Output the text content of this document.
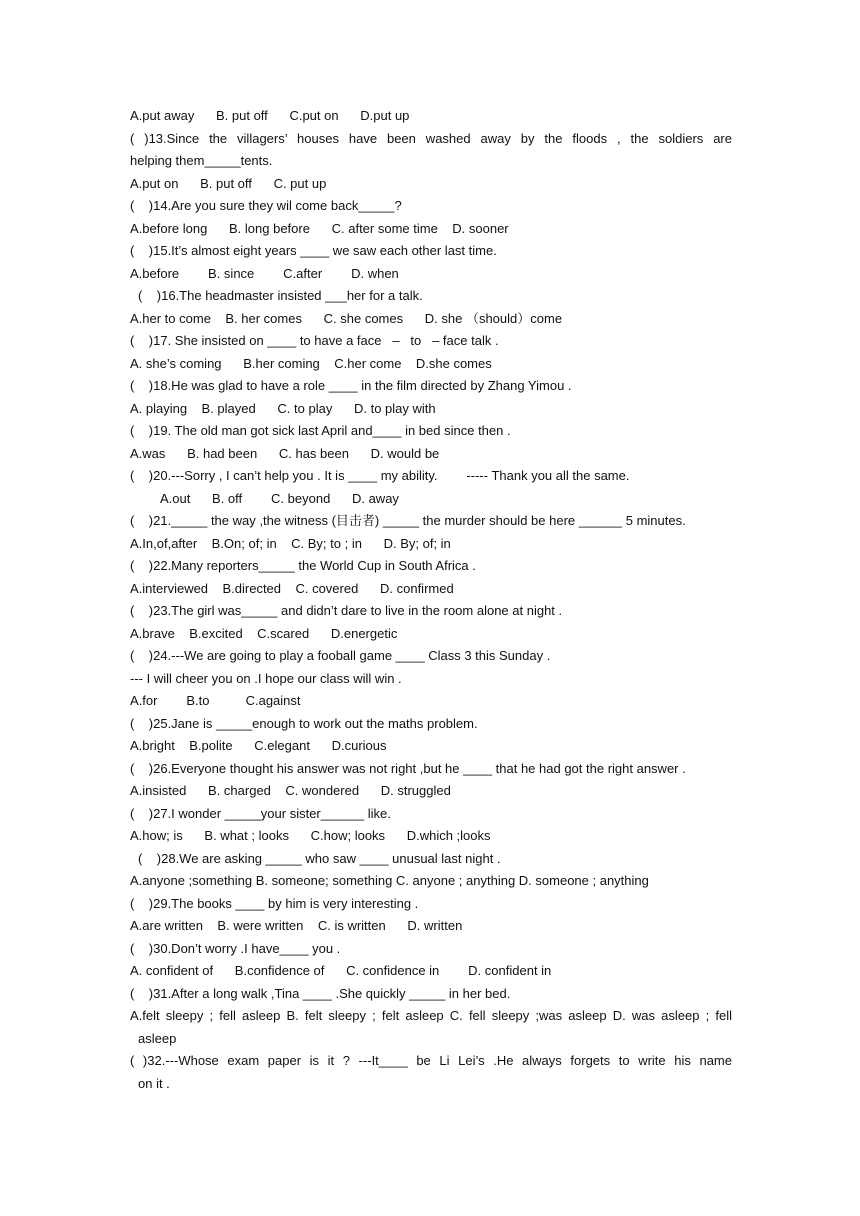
A.put away      B. put off      C.put on      D.put up
( )13.Since the villagers’ houses have been washed away by the floods , the soldiers are
helping them_____tents.
A.put on      B. put off      C. put up
(    )14.Are you sure they wil come back_____?
A.before long      B. long before      C. after some time    D. sooner
(    )15.It’s almost eight years ____ we saw each other last time.
A.before        B. since        C.after        D. when
(    )16.The headmaster insisted ___her for a talk.
A.her to come    B. her comes      C. she comes      D. she （should）come
(    )17. She insisted on ____ to have a face   –   to   – face talk .
A. she’s coming      B.her coming    C.her come    D.she comes
(    )18.He was glad to have a role ____ in the film directed by Zhang Yimou .
A. playing    B. played      C. to play      D. to play with
(    )19. The old man got sick last April and____ in bed since then .
A.was      B. had been      C. has been      D. would be
(    )20.---Sorry , I can’t help you . It is ____ my ability.        ----- Thank you all the same.
A.out      B. off        C. beyond      D. away
(    )21._____ the way ,the witness (目击者) _____ the murder should be here ______ 5 minutes.
A.In,of,after    B.On; of; in    C. By; to ; in      D. By; of; in
(    )22.Many reporters_____ the World Cup in South Africa .
A.interviewed    B.directed    C. covered      D. confirmed
(    )23.The girl was_____ and didn’t dare to live in the room alone at night .
A.brave    B.excited    C.scared      D.energetic
(    )24.---We are going to play a fooball game ____ Class 3 this Sunday .
--- I will cheer you on .I hope our class will win .
A.for        B.to          C.against
(    )25.Jane is _____enough to work out the maths problem.
A.bright    B.polite      C.elegant      D.curious
(    )26.Everyone thought his answer was not right ,but he ____ that he had got the right answer .
A.insisted      B. charged    C. wondered      D. struggled
(    )27.I wonder _____your sister______ like.
A.how; is      B. what ; looks      C.how; looks      D.which ;looks
(    )28.We are asking _____ who saw ____ unusual last night .
A.anyone ;something B. someone; something C. anyone ; anything D. someone ; anything
(    )29.The books ____ by him is very interesting .
A.are written    B. were written    C. is written      D. written
(    )30.Don’t worry .I have____ you .
A. confident of      B.confidence of      C. confidence in        D. confident in
(    )31.After a long walk ,Tina ____ .She quickly _____ in her bed.
A.felt sleepy ; fell asleep B. felt sleepy ; felt asleep C. fell sleepy ;was asleep D. was asleep ; fell
asleep
( )32.---Whose exam paper is it ? ---It____ be Li Lei’s .He always forgets to write his name
on it .
